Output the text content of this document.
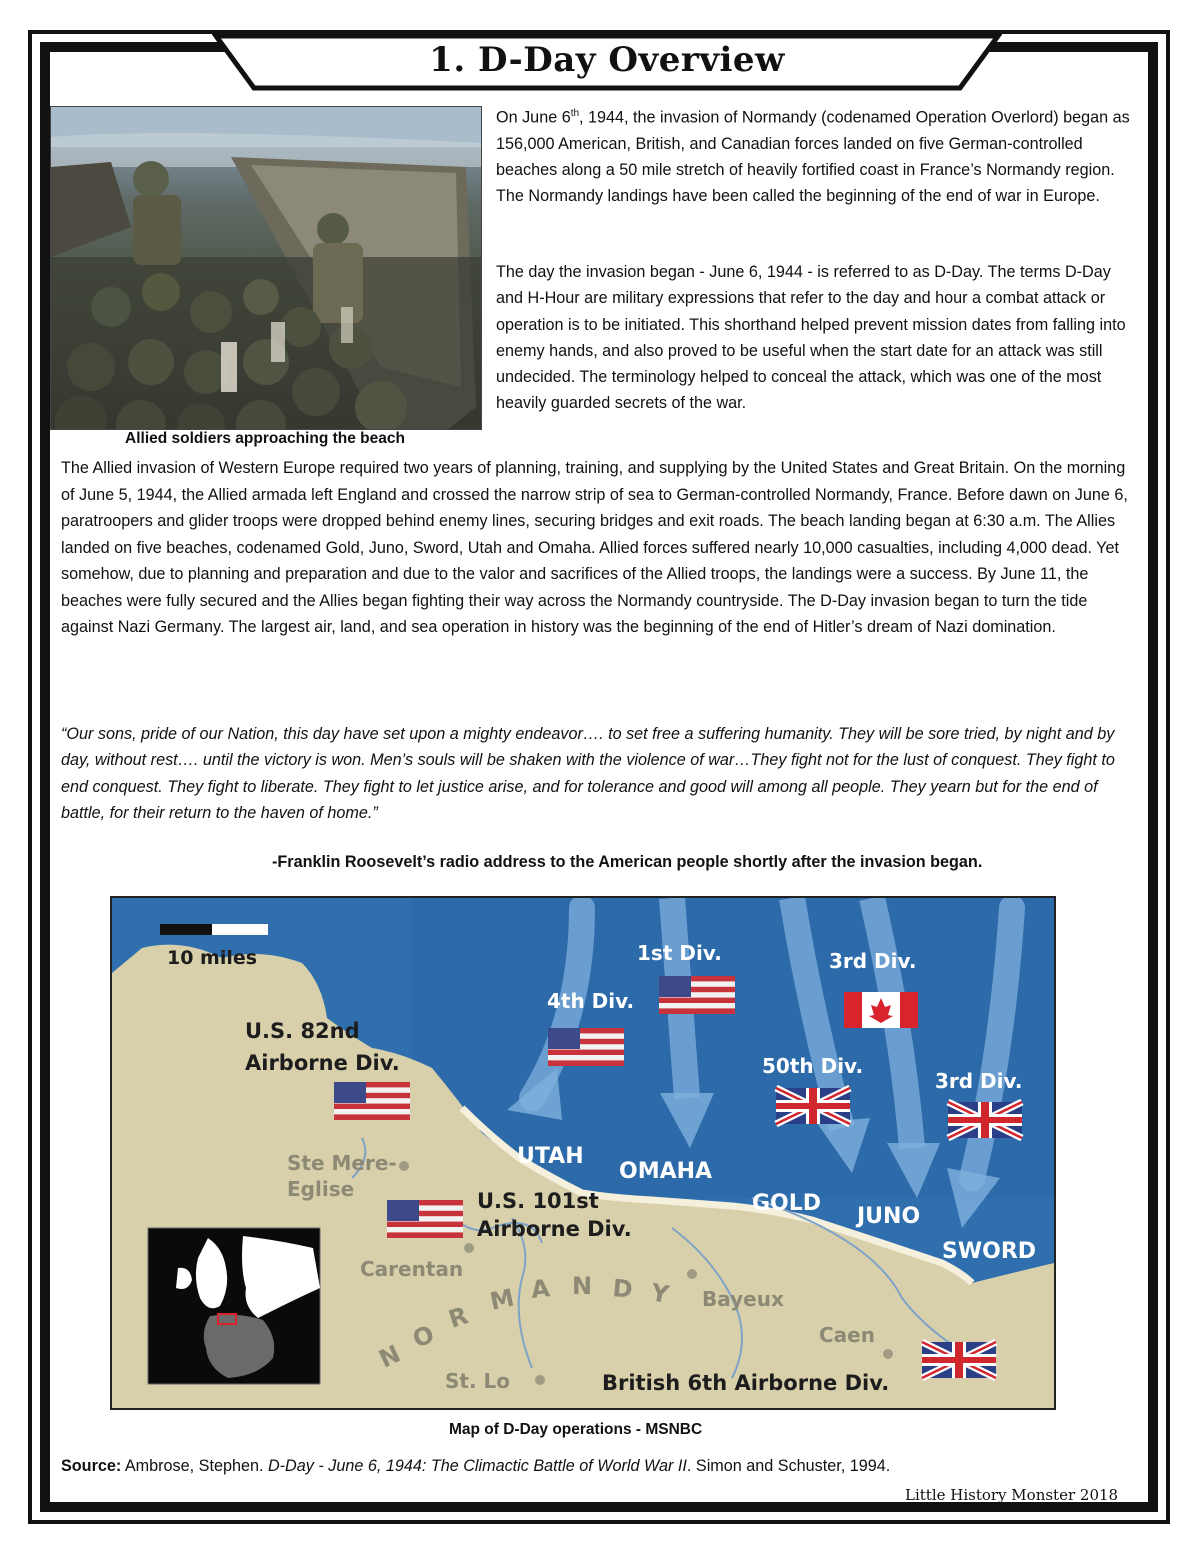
1. D-Day Overview
Allied soldiers approaching the beach

On June 6th, 1944, the invasion of Normandy (codenamed Operation Overlord) began as 156,000 American, British, and Canadian forces landed on five German-controlled beaches along a 50 mile stretch of heavily fortified coast in France’s Normandy region. The Normandy landings have been called the beginning of the end of war in Europe.

The day the invasion began - June 6, 1944 - is referred to as D-Day. The terms D-Day and H-Hour are military expressions that refer to the day and hour a combat attack or operation is to be initiated. This shorthand helped prevent mission dates from falling into enemy hands, and also proved to be useful when the start date for an attack was still undecided. The terminology helped to conceal the attack, which was one of the most heavily guarded secrets of the war.

The Allied invasion of Western Europe required two years of planning, training, and supplying by the United States and Great Britain. On the morning of June 5, 1944, the Allied armada left England and crossed the narrow strip of sea to German-controlled Normandy, France. Before dawn on June 6, paratroopers and glider troops were dropped behind enemy lines, securing bridges and exit roads. The beach landing began at 6:30 a.m. The Allies landed on five beaches, codenamed Gold, Juno, Sword, Utah and Omaha. Allied forces suffered nearly 10,000 casualties, including 4,000 dead. Yet somehow, due to planning and preparation and due to the valor and sacrifices of the Allied troops, the landings were a success. By June 11, the beaches were fully secured and the Allies began fighting their way across the Normandy countryside. The D-Day invasion began to turn the tide against Nazi Germany. The largest air, land, and sea operation in history was the beginning of the end of Hitler’s dream of Nazi domination.

“Our sons, pride of our Nation, this day have set upon a mighty endeavor…. to set free a suffering humanity. They will be sore tried, by night and by day, without rest…. until the victory is won. Men’s souls will be shaken with the violence of war…They fight not for the lust of conquest. They fight to end conquest. They fight to liberate. They fight to let justice arise, and for tolerance and good will among all people. They yearn but for the end of battle, for their return to the haven of home.”

-Franklin Roosevelt’s radio address to the American people shortly after the invasion began.
10 miles	1st Div.
4th Div.
3rd Div.
50th Div.
3rd Div.
U.S. 82nd
Airborne Div.
U.S. 101st
Airborne Div.
British 6th Airborne Div.
UTAH
OMAHA
GOLD
JUNO
SWORD
Ste Mere-
Eglise
Carentan
Bayeux
Caen
St. Lo
N
O
R
M A N D Y
Map of D-Day operations - MSNBC
Source: Ambrose, Stephen. D-Day - June 6, 1944: The Climactic Battle of World War II. Simon and Schuster, 1994.
Little History Monster 2018
